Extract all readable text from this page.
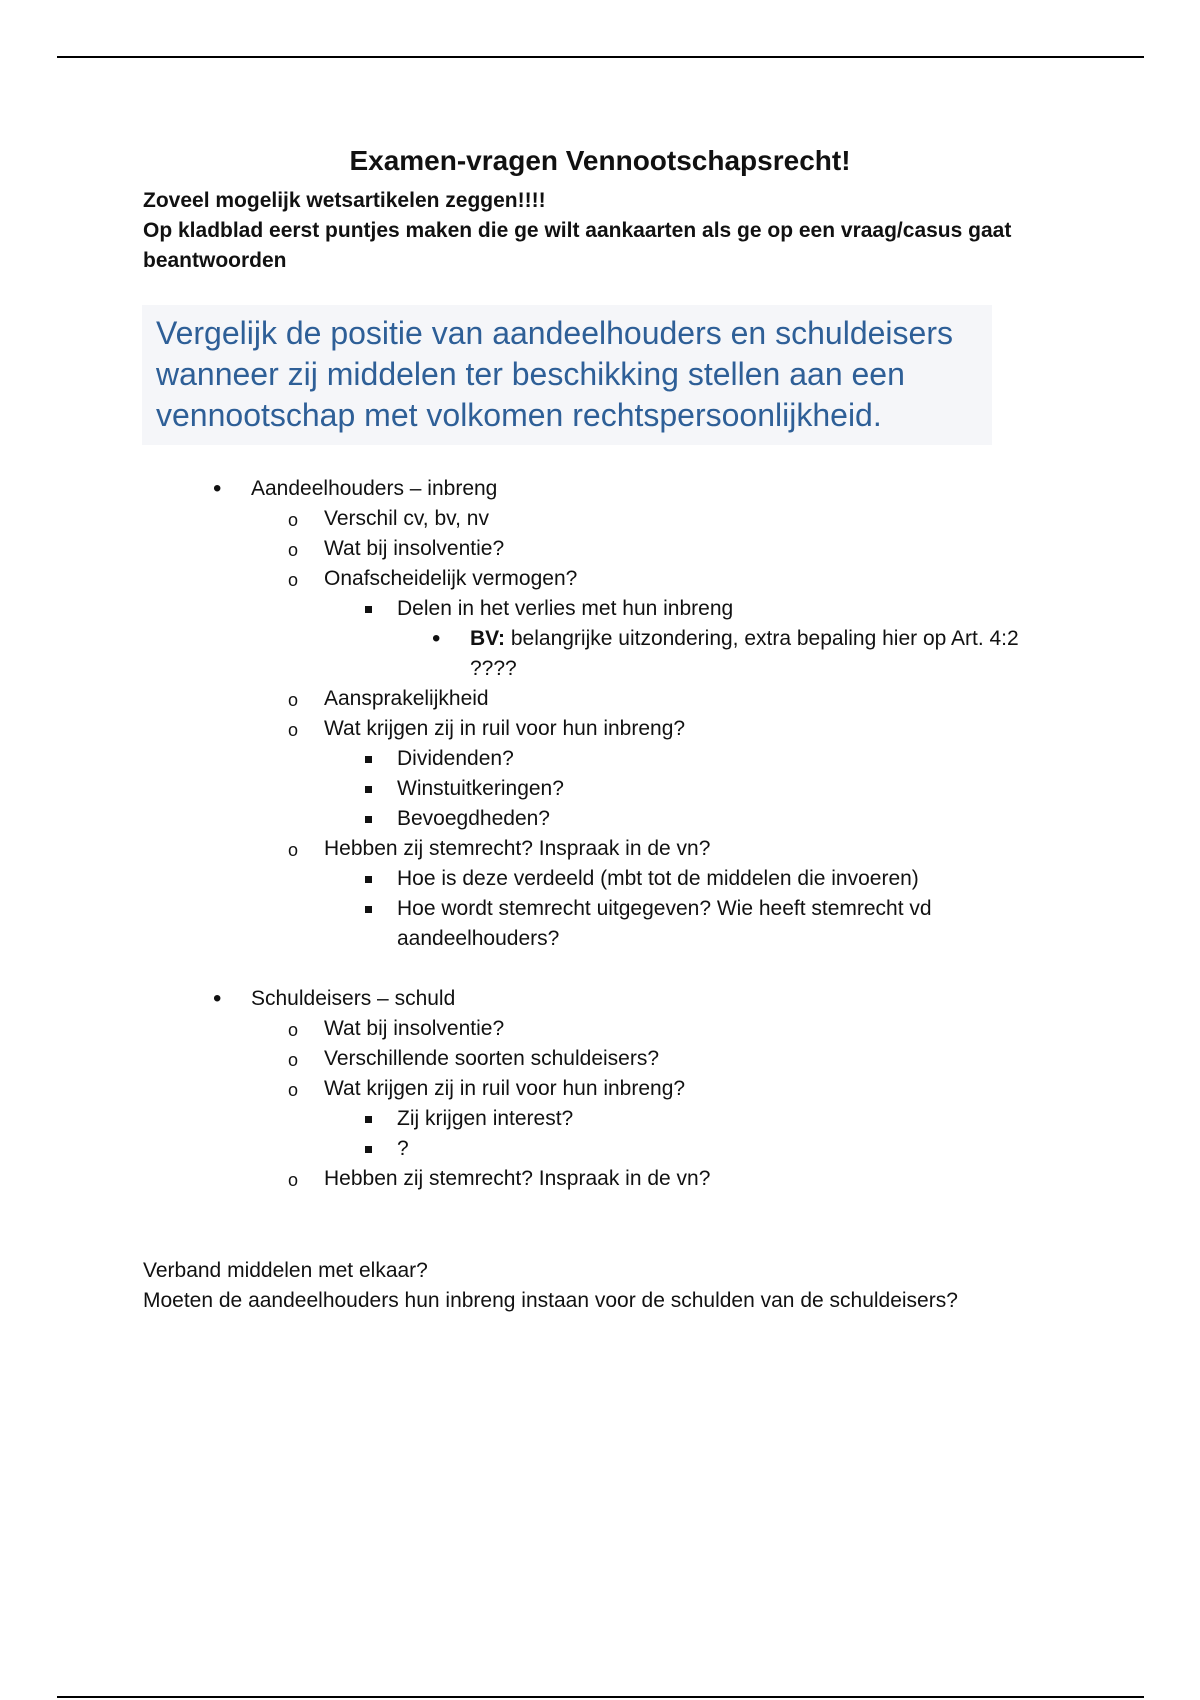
Examen-vragen Vennootschapsrecht!

Zoveel mogelijk wetsartikelen zeggen!!!!

Op kladblad eerst puntjes maken die ge wilt aankaarten als ge op een vraag/casus gaat beantwoorden

Vergelijk de positie van aandeelhouders en schuldeisers wanneer zij middelen ter beschikking stellen aan een vennootschap met volkomen rechtspersoonlijkheid.

• Aandeelhouders – inbreng
o Verschil cv, bv, nv
o Wat bij insolventie?
o Onafscheidelijk vermogen?
Delen in het verlies met hun inbreng
• BV: belangrijke uitzondering, extra bepaling hier op Art. 4:2 ????
o Aansprakelijkheid
o Wat krijgen zij in ruil voor hun inbreng?
Dividenden?
Winstuitkeringen?
Bevoegdheden?
o Hebben zij stemrecht? Inspraak in de vn?
Hoe is deze verdeeld (mbt tot de middelen die invoeren)
Hoe wordt stemrecht uitgegeven? Wie heeft stemrecht vd aandeelhouders?
• Schuldeisers – schuld
o Wat bij insolventie?
o Verschillende soorten schuldeisers?
o Wat krijgen zij in ruil voor hun inbreng?
Zij krijgen interest?
?
o Hebben zij stemrecht? Inspraak in de vn?

Verband middelen met elkaar?

Moeten de aandeelhouders hun inbreng instaan voor de schulden van de schuldeisers?
